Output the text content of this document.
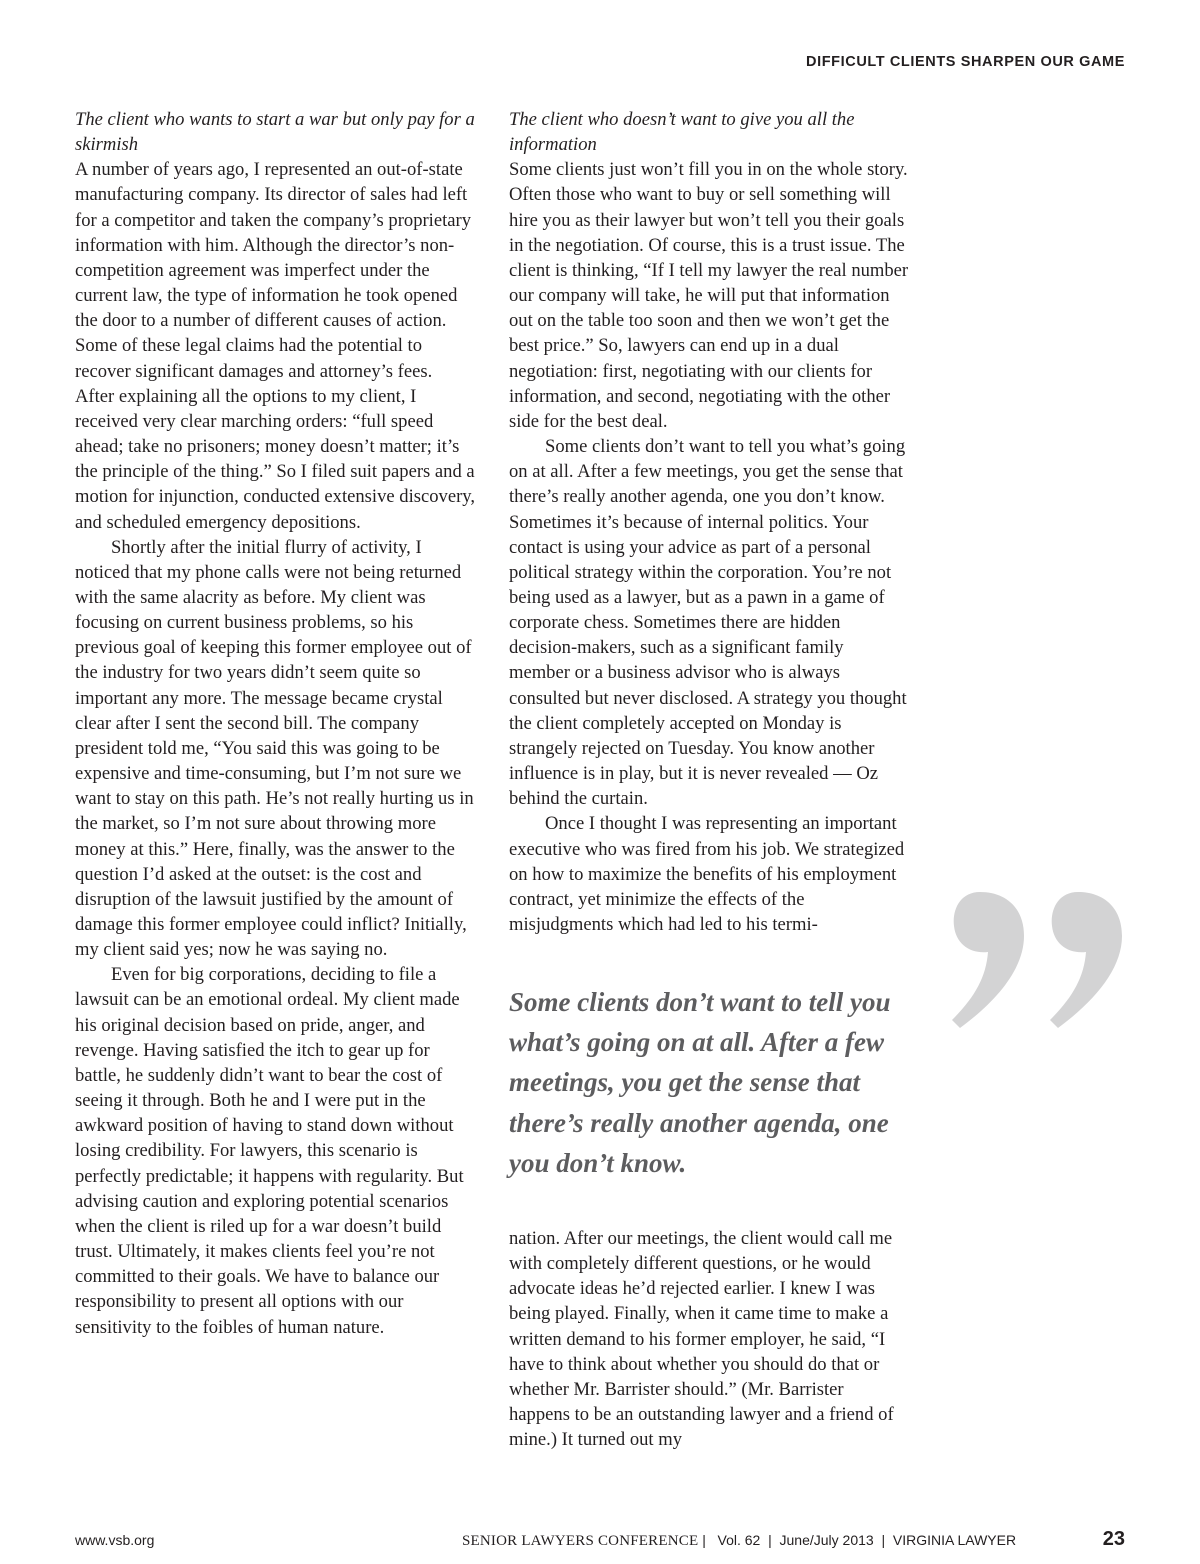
DIFFICULT CLIENTS SHARPEN OUR GAME
The client who wants to start a war but only pay for a skirmish

A number of years ago, I represented an out-of-state manufacturing company. Its director of sales had left for a competitor and taken the company’s proprietary information with him. Although the director’s non-competition agreement was imperfect under the current law, the type of information he took opened the door to a number of different causes of action. Some of these legal claims had the potential to recover significant damages and attorney’s fees. After explaining all the options to my client, I received very clear marching orders: “full speed ahead; take no prisoners; money doesn’t matter; it’s the principle of the thing.” So I filed suit papers and a motion for injunction, conducted extensive discovery, and scheduled emergency depositions.

Shortly after the initial flurry of activity, I noticed that my phone calls were not being returned with the same alacrity as before. My client was focusing on current business problems, so his previous goal of keeping this former employee out of the industry for two years didn’t seem quite so important any more. The message became crystal clear after I sent the second bill. The company president told me, “You said this was going to be expensive and time-consuming, but I’m not sure we want to stay on this path. He’s not really hurting us in the market, so I’m not sure about throwing more money at this.” Here, finally, was the answer to the question I’d asked at the outset: is the cost and disruption of the lawsuit justified by the amount of damage this former employee could inflict? Initially, my client said yes; now he was saying no.

Even for big corporations, deciding to file a lawsuit can be an emotional ordeal. My client made his original decision based on pride, anger, and revenge. Having satisfied the itch to gear up for battle, he suddenly didn’t want to bear the cost of seeing it through. Both he and I were put in the awkward position of having to stand down without losing credibility. For lawyers, this scenario is perfectly predictable; it happens with regularity. But advising caution and exploring potential scenarios when the client is riled up for a war doesn’t build trust. Ultimately, it makes clients feel you’re not committed to their goals. We have to balance our responsibility to present all options with our sensitivity to the foibles of human nature.

The client who doesn’t want to give you all the information

Some clients just won’t fill you in on the whole story. Often those who want to buy or sell something will hire you as their lawyer but won’t tell you their goals in the negotiation. Of course, this is a trust issue. The client is thinking, “If I tell my lawyer the real number our company will take, he will put that information out on the table too soon and then we won’t get the best price.” So, lawyers can end up in a dual negotiation: first, negotiating with our clients for information, and second, negotiating with the other side for the best deal.

Some clients don’t want to tell you what’s going on at all. After a few meetings, you get the sense that there’s really another agenda, one you don’t know. Sometimes it’s because of internal politics. Your contact is using your advice as part of a personal political strategy within the corporation. You’re not being used as a lawyer, but as a pawn in a game of corporate chess. Sometimes there are hidden decision-makers, such as a significant family member or a business advisor who is always consulted but never disclosed. A strategy you thought the client completely accepted on Monday is strangely rejected on Tuesday. You know another influence is in play, but it is never revealed — Oz behind the curtain.

Once I thought I was representing an important executive who was fired from his job. We strategized on how to maximize the benefits of his employment contract, yet minimize the effects of the misjudgments which had led to his termi-

Some clients don’t want to tell you what’s going on at all. After a few meetings, you get the sense that there’s really another agenda, one you don’t know.

nation. After our meetings, the client would call me with completely different questions, or he would advocate ideas he’d rejected earlier. I knew I was being played. Finally, when it came time to make a written demand to his former employer, he said, “I have to think about whether you should do that or whether Mr. Barrister should.” (Mr. Barrister happens to be an outstanding lawyer and a friend of mine.) It turned out my

www.vsb.org	SENIOR LAWYERS CONFERENCE |   Vol. 62  |  June/July 2013  |  VIRGINIA LAWYER	23
